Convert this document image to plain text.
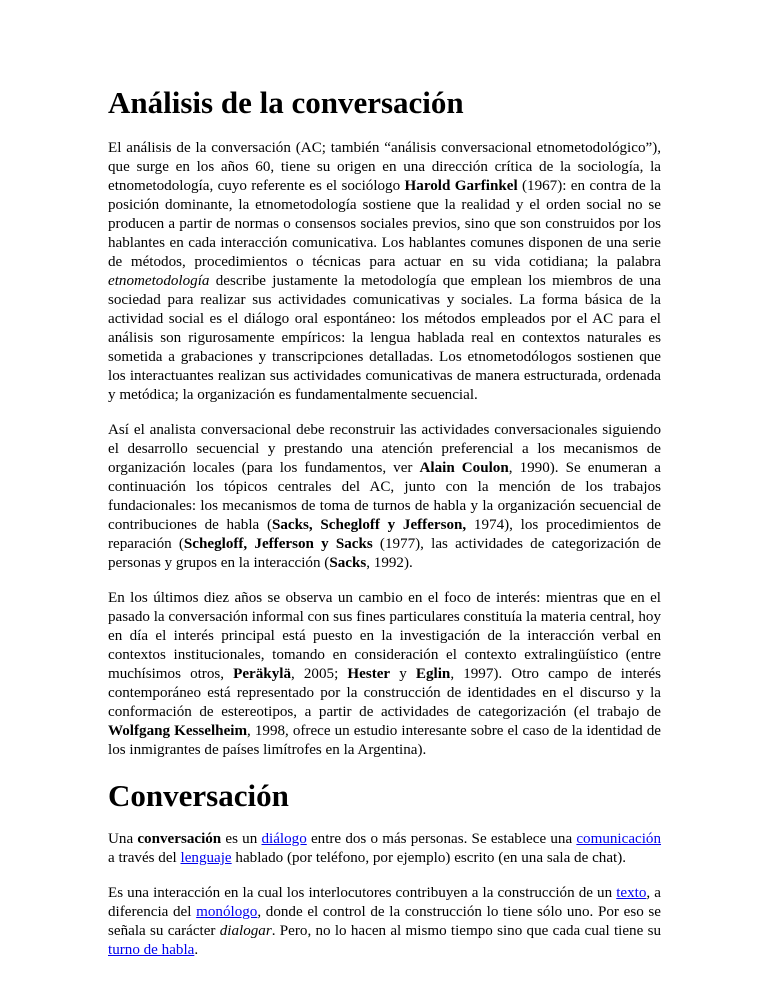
Análisis de la conversación

El análisis de la conversación (AC; también “análisis conversacional etnometodológico”), que surge en los años 60, tiene su origen en una dirección crítica de la sociología, la etnometodología, cuyo referente es el sociólogo Harold Garfinkel (1967): en contra de la posición dominante, la etnometodología sostiene que la realidad y el orden social no se producen a partir de normas o consensos sociales previos, sino que son construidos por los hablantes en cada interacción comunicativa. Los hablantes comunes disponen de una serie de métodos, procedimientos o técnicas para actuar en su vida cotidiana; la palabra etnometodología describe justamente la metodología que emplean los miembros de una sociedad para realizar sus actividades comunicativas y sociales. La forma básica de la actividad social es el diálogo oral espontáneo: los métodos empleados por el AC para el análisis son rigurosamente empíricos: la lengua hablada real en contextos naturales es sometida a grabaciones y transcripciones detalladas. Los etnometodólogos sostienen que los interactuantes realizan sus actividades comunicativas de manera estructurada, ordenada y metódica; la organización es fundamentalmente secuencial.

Así el analista conversacional debe reconstruir las actividades conversacionales siguiendo el desarrollo secuencial y prestando una atención preferencial a los mecanismos de organización locales (para los fundamentos, ver Alain Coulon, 1990). Se enumeran a continuación los tópicos centrales del AC, junto con la mención de los trabajos fundacionales: los mecanismos de toma de turnos de habla y la organización secuencial de contribuciones de habla (Sacks, Schegloff y Jefferson, 1974), los procedimientos de reparación (Schegloff, Jefferson y Sacks (1977), las actividades de categorización de personas y grupos en la interacción (Sacks, 1992).

En los últimos diez años se observa un cambio en el foco de interés: mientras que en el pasado la conversación informal con sus fines particulares constituía la materia central, hoy en día el interés principal está puesto en la investigación de la interacción verbal en contextos institucionales, tomando en consideración el contexto extralingüístico (entre muchísimos otros, Peräkylä, 2005; Hester y Eglin, 1997). Otro campo de interés contemporáneo está representado por la construcción de identidades en el discurso y la conformación de estereotipos, a partir de actividades de categorización (el trabajo de Wolfgang Kesselheim, 1998, ofrece un estudio interesante sobre el caso de la identidad de los inmigrantes de países limítrofes en la Argentina).

Conversación

Una conversación es un diálogo entre dos o más personas. Se establece una comunicación a través del lenguaje hablado (por teléfono, por ejemplo) escrito (en una sala de chat).

Es una interacción en la cual los interlocutores contribuyen a la construcción de un texto, a diferencia del monólogo, donde el control de la construcción lo tiene sólo uno. Por eso se señala su carácter dialogar. Pero, no lo hacen al mismo tiempo sino que cada cual tiene su turno de habla.
